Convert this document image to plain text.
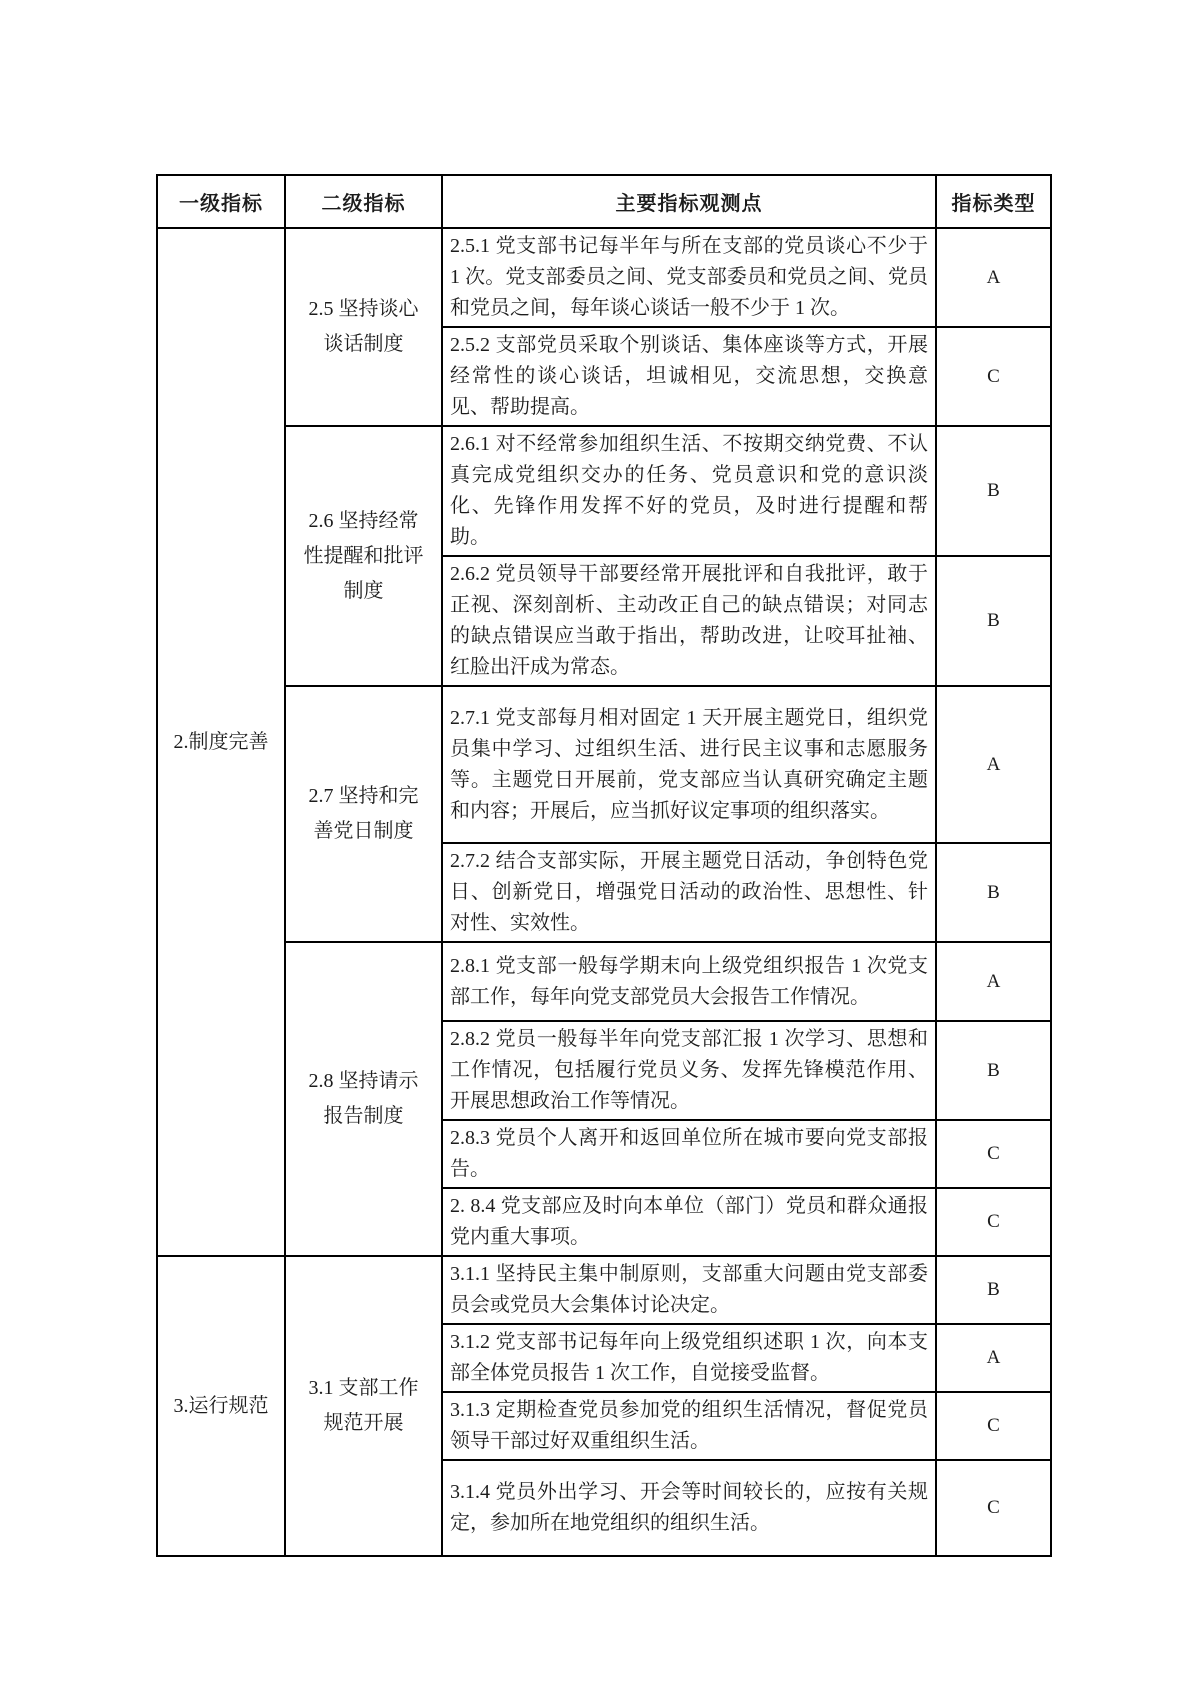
一级指标	二级指标	主要指标观测点	指标类型
2.制度完善	2.5 坚持谈心谈话制度	2.5.1 党支部书记每半年与所在支部的党员谈心不少于 1 次。党支部委员之间、党支部委员和党员之间、党员和党员之间，每年谈心谈话一般不少于 1 次。	A
		2.5.2 支部党员采取个别谈话、集体座谈等方式，开展经常性的谈心谈话，坦诚相见，交流思想，交换意见、帮助提高。	C
	2.6 坚持经常性提醒和批评制度	2.6.1 对不经常参加组织生活、不按期交纳党费、不认真完成党组织交办的任务、党员意识和党的意识淡化、先锋作用发挥不好的党员，及时进行提醒和帮助。	B
		2.6.2 党员领导干部要经常开展批评和自我批评，敢于正视、深刻剖析、主动改正自己的缺点错误；对同志的缺点错误应当敢于指出，帮助改进，让咬耳扯袖、红脸出汗成为常态。	B
	2.7 坚持和完善党日制度	2.7.1 党支部每月相对固定 1 天开展主题党日，组织党员集中学习、过组织生活、进行民主议事和志愿服务等。主题党日开展前，党支部应当认真研究确定主题和内容；开展后，应当抓好议定事项的组织落实。	A
		2.7.2 结合支部实际，开展主题党日活动，争创特色党日、创新党日，增强党日活动的政治性、思想性、针对性、实效性。	B
	2.8 坚持请示报告制度	2.8.1 党支部一般每学期末向上级党组织报告 1 次党支部工作，每年向党支部党员大会报告工作情况。	A
		2.8.2 党员一般每半年向党支部汇报 1 次学习、思想和工作情况，包括履行党员义务、发挥先锋模范作用、开展思想政治工作等情况。	B
		2.8.3 党员个人离开和返回单位所在城市要向党支部报告。	C
		2. 8.4 党支部应及时向本单位（部门）党员和群众通报党内重大事项。	C
3.运行规范	3.1 支部工作规范开展	3.1.1 坚持民主集中制原则，支部重大问题由党支部委员会或党员大会集体讨论决定。	B
		3.1.2 党支部书记每年向上级党组织述职 1 次，向本支部全体党员报告 1 次工作，自觉接受监督。	A
		3.1.3 定期检查党员参加党的组织生活情况，督促党员领导干部过好双重组织生活。	C
		3.1.4 党员外出学习、开会等时间较长的，应按有关规定，参加所在地党组织的组织生活。	C
